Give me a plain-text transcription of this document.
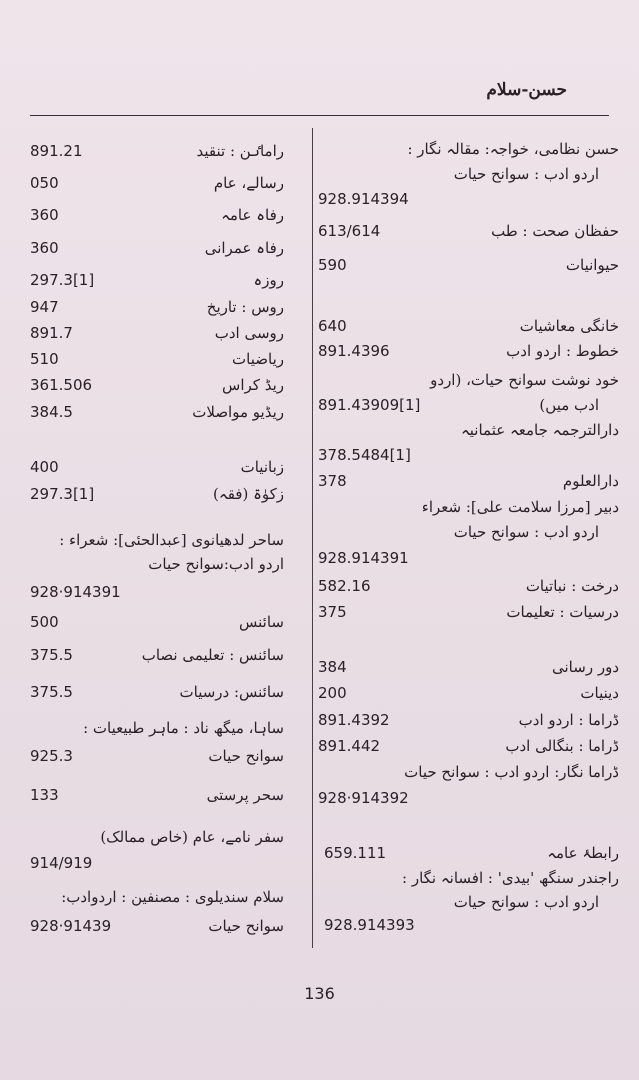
حسن-سلام
891.21	راماٸن : تنقید
050	رسالے، عام
360	رفاہ عامہ
360	رفاہ عمرانی
297.3[1]	روزہ
947	روس : تاریخ
891.7	روسی ادب
510	ریاضیات
361.506	ریڈ کراس
384.5	ریڈیو مواصلات
400	زبانیات
297.3[1]	زکوٰۃ (فقہ)
ساحر لدھیانوی [عبدالحئی]: شعراء :
اردو ادب:سوانح حیات
928·914391
500	سائنس
375.5	سائنس : تعلیمی نصاب
375.5	سائنس: درسیات
ساہا، میگھ ناد : ماہر طبیعیات :
925.3	سوانح حیات
133	سحر پرستی
سفر نامے، عام (خاص ممالک)
914/919
سلام سندیلوی : مصنفین : اردوادب:
928·91439	سوانح حیات
حسن نظامی، خواجہ: مقالہ نگار :
اردو ادب : سوانح حیات
928.914394
613/614	حفظان صحت : طب
590	حیوانیات
640	خانگی معاشیات
891.4396	خطوط : اردو ادب
خود نوشت سوانح حیات، (اردو
891.43909[1]	ادب میں)
دارالترجمہ جامعہ عثمانیہ
378.5484[1]
378	دارالعلوم
دبیر [مرزا سلامت علی]: شعراء
اردو ادب : سوانح حیات
928.914391
582.16	درخت : نباتیات
375	درسیات : تعلیمات
384	دور رسانی
200	دینیات
891.4392	ڈراما : اردو ادب
891.442	ڈراما : بنگالی ادب
ڈراما نگار: اردو ادب : سوانح حیات
928·914392
659.111	رابطۂ عامہ
راجندر سنگھ 'بیدی' : افسانہ نگار :
اردو ادب : سوانح حیات
928.914393
136
